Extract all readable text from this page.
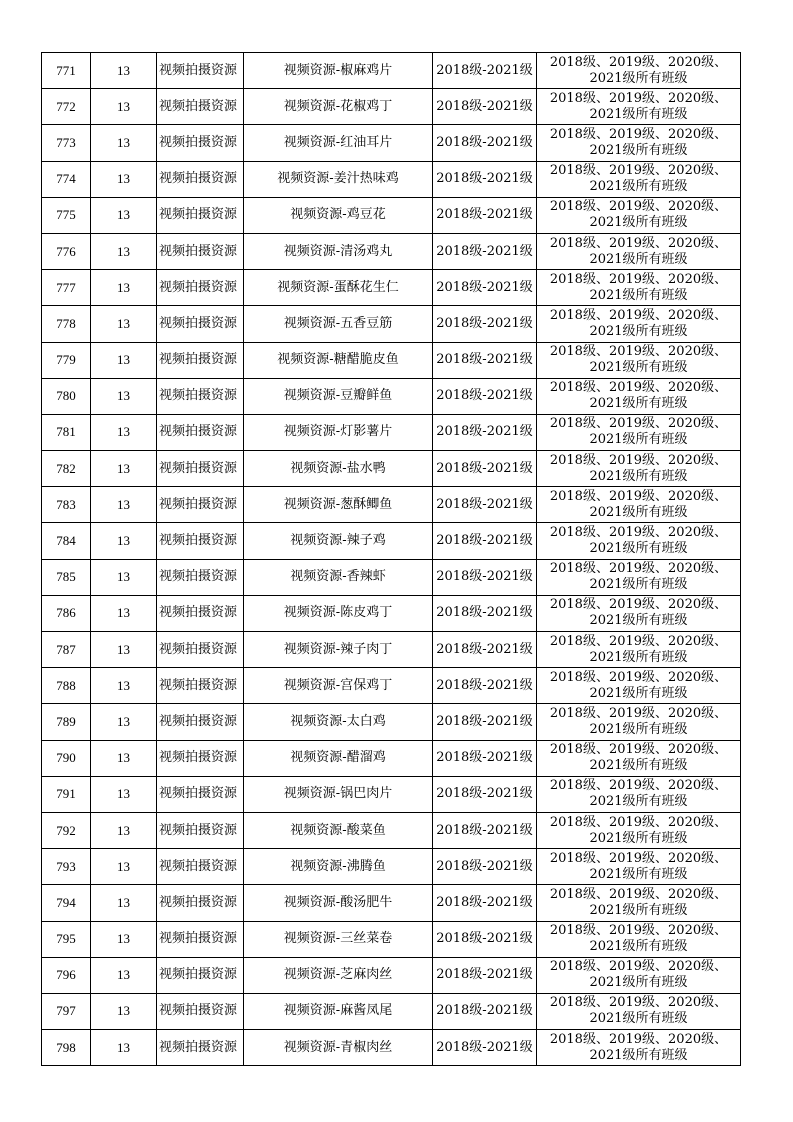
771	13	视频拍摄资源	视频资源-椒麻鸡片	2018级-2021级	2018级、2019级、2020级、
2021级所有班级

772	13	视频拍摄资源	视频资源-花椒鸡丁	2018级-2021级	2018级、2019级、2020级、
2021级所有班级

773	13	视频拍摄资源	视频资源-红油耳片	2018级-2021级	2018级、2019级、2020级、
2021级所有班级

774	13	视频拍摄资源	视频资源-姜汁热味鸡	2018级-2021级	2018级、2019级、2020级、
2021级所有班级

775	13	视频拍摄资源	视频资源-鸡豆花	2018级-2021级	2018级、2019级、2020级、
2021级所有班级

776	13	视频拍摄资源	视频资源-清汤鸡丸	2018级-2021级	2018级、2019级、2020级、
2021级所有班级

777	13	视频拍摄资源	视频资源-蛋酥花生仁	2018级-2021级	2018级、2019级、2020级、
2021级所有班级

778	13	视频拍摄资源	视频资源-五香豆筋	2018级-2021级	2018级、2019级、2020级、
2021级所有班级

779	13	视频拍摄资源	视频资源-糖醋脆皮鱼	2018级-2021级	2018级、2019级、2020级、
2021级所有班级

780	13	视频拍摄资源	视频资源-豆瓣鲜鱼	2018级-2021级	2018级、2019级、2020级、
2021级所有班级

781	13	视频拍摄资源	视频资源-灯影薯片	2018级-2021级	2018级、2019级、2020级、
2021级所有班级

782	13	视频拍摄资源	视频资源-盐水鸭	2018级-2021级	2018级、2019级、2020级、
2021级所有班级

783	13	视频拍摄资源	视频资源-葱酥鲫鱼	2018级-2021级	2018级、2019级、2020级、
2021级所有班级

784	13	视频拍摄资源	视频资源-辣子鸡	2018级-2021级	2018级、2019级、2020级、
2021级所有班级

785	13	视频拍摄资源	视频资源-香辣虾	2018级-2021级	2018级、2019级、2020级、
2021级所有班级

786	13	视频拍摄资源	视频资源-陈皮鸡丁	2018级-2021级	2018级、2019级、2020级、
2021级所有班级

787	13	视频拍摄资源	视频资源-辣子肉丁	2018级-2021级	2018级、2019级、2020级、
2021级所有班级

788	13	视频拍摄资源	视频资源-宫保鸡丁	2018级-2021级	2018级、2019级、2020级、
2021级所有班级

789	13	视频拍摄资源	视频资源-太白鸡	2018级-2021级	2018级、2019级、2020级、
2021级所有班级

790	13	视频拍摄资源	视频资源-醋溜鸡	2018级-2021级	2018级、2019级、2020级、
2021级所有班级

791	13	视频拍摄资源	视频资源-锅巴肉片	2018级-2021级	2018级、2019级、2020级、
2021级所有班级

792	13	视频拍摄资源	视频资源-酸菜鱼	2018级-2021级	2018级、2019级、2020级、
2021级所有班级

793	13	视频拍摄资源	视频资源-沸腾鱼	2018级-2021级	2018级、2019级、2020级、
2021级所有班级

794	13	视频拍摄资源	视频资源-酸汤肥牛	2018级-2021级	2018级、2019级、2020级、
2021级所有班级

795	13	视频拍摄资源	视频资源-三丝菜卷	2018级-2021级	2018级、2019级、2020级、
2021级所有班级

796	13	视频拍摄资源	视频资源-芝麻肉丝	2018级-2021级	2018级、2019级、2020级、
2021级所有班级

797	13	视频拍摄资源	视频资源-麻酱凤尾	2018级-2021级	2018级、2019级、2020级、
2021级所有班级

798	13	视频拍摄资源	视频资源-青椒肉丝	2018级-2021级	2018级、2019级、2020级、
2021级所有班级
